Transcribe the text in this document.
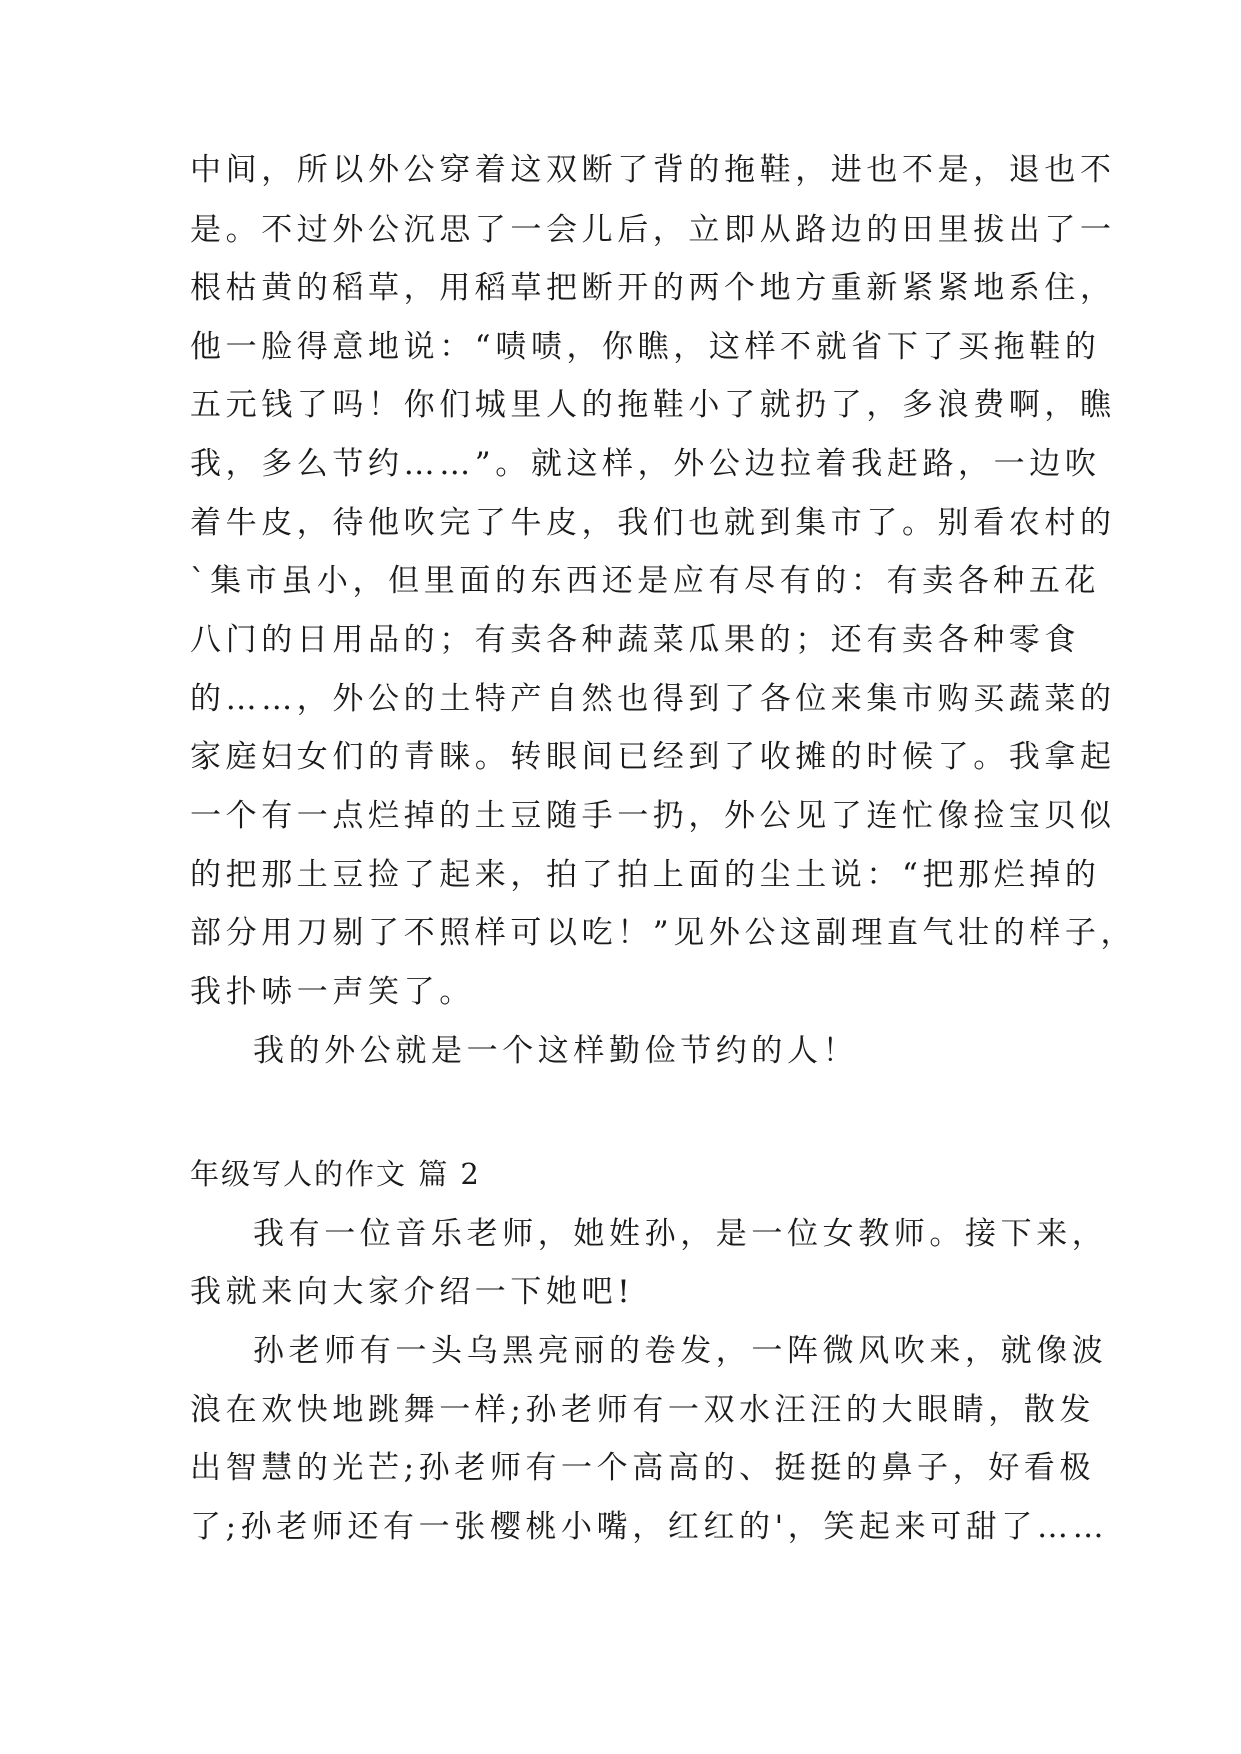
中间，所以外公穿着这双断了背的拖鞋，进也不是，退也不
是。不过外公沉思了一会儿后，立即从路边的田里拔出了一
根枯黄的稻草，用稻草把断开的两个地方重新紧紧地系住，
他一脸得意地说：“啧啧，你瞧，这样不就省下了买拖鞋的
五元钱了吗！你们城里人的拖鞋小了就扔了，多浪费啊，瞧
我，多么节约……”。就这样，外公边拉着我赶路，一边吹
着牛皮，待他吹完了牛皮，我们也就到集市了。别看农村的
`集市虽小，但里面的东西还是应有尽有的：有卖各种五花
八门的日用品的；有卖各种蔬菜瓜果的；还有卖各种零食
的……，外公的土特产自然也得到了各位来集市购买蔬菜的
家庭妇女们的青睐。转眼间已经到了收摊的时候了。我拿起
一个有一点烂掉的土豆随手一扔，外公见了连忙像捡宝贝似
的把那土豆捡了起来，拍了拍上面的尘土说：“把那烂掉的
部分用刀剔了不照样可以吃！”见外公这副理直气壮的样子，
我扑哧一声笑了。
我的外公就是一个这样勤俭节约的人！
年级写人的作文 篇 2
我有一位音乐老师，她姓孙，是一位女教师。接下来，
我就来向大家介绍一下她吧!
孙老师有一头乌黑亮丽的卷发，一阵微风吹来，就像波
浪在欢快地跳舞一样;孙老师有一双水汪汪的大眼睛，散发
出智慧的光芒;孙老师有一个高高的、挺挺的鼻子，好看极
了;孙老师还有一张樱桃小嘴，红红的'，笑起来可甜了……
